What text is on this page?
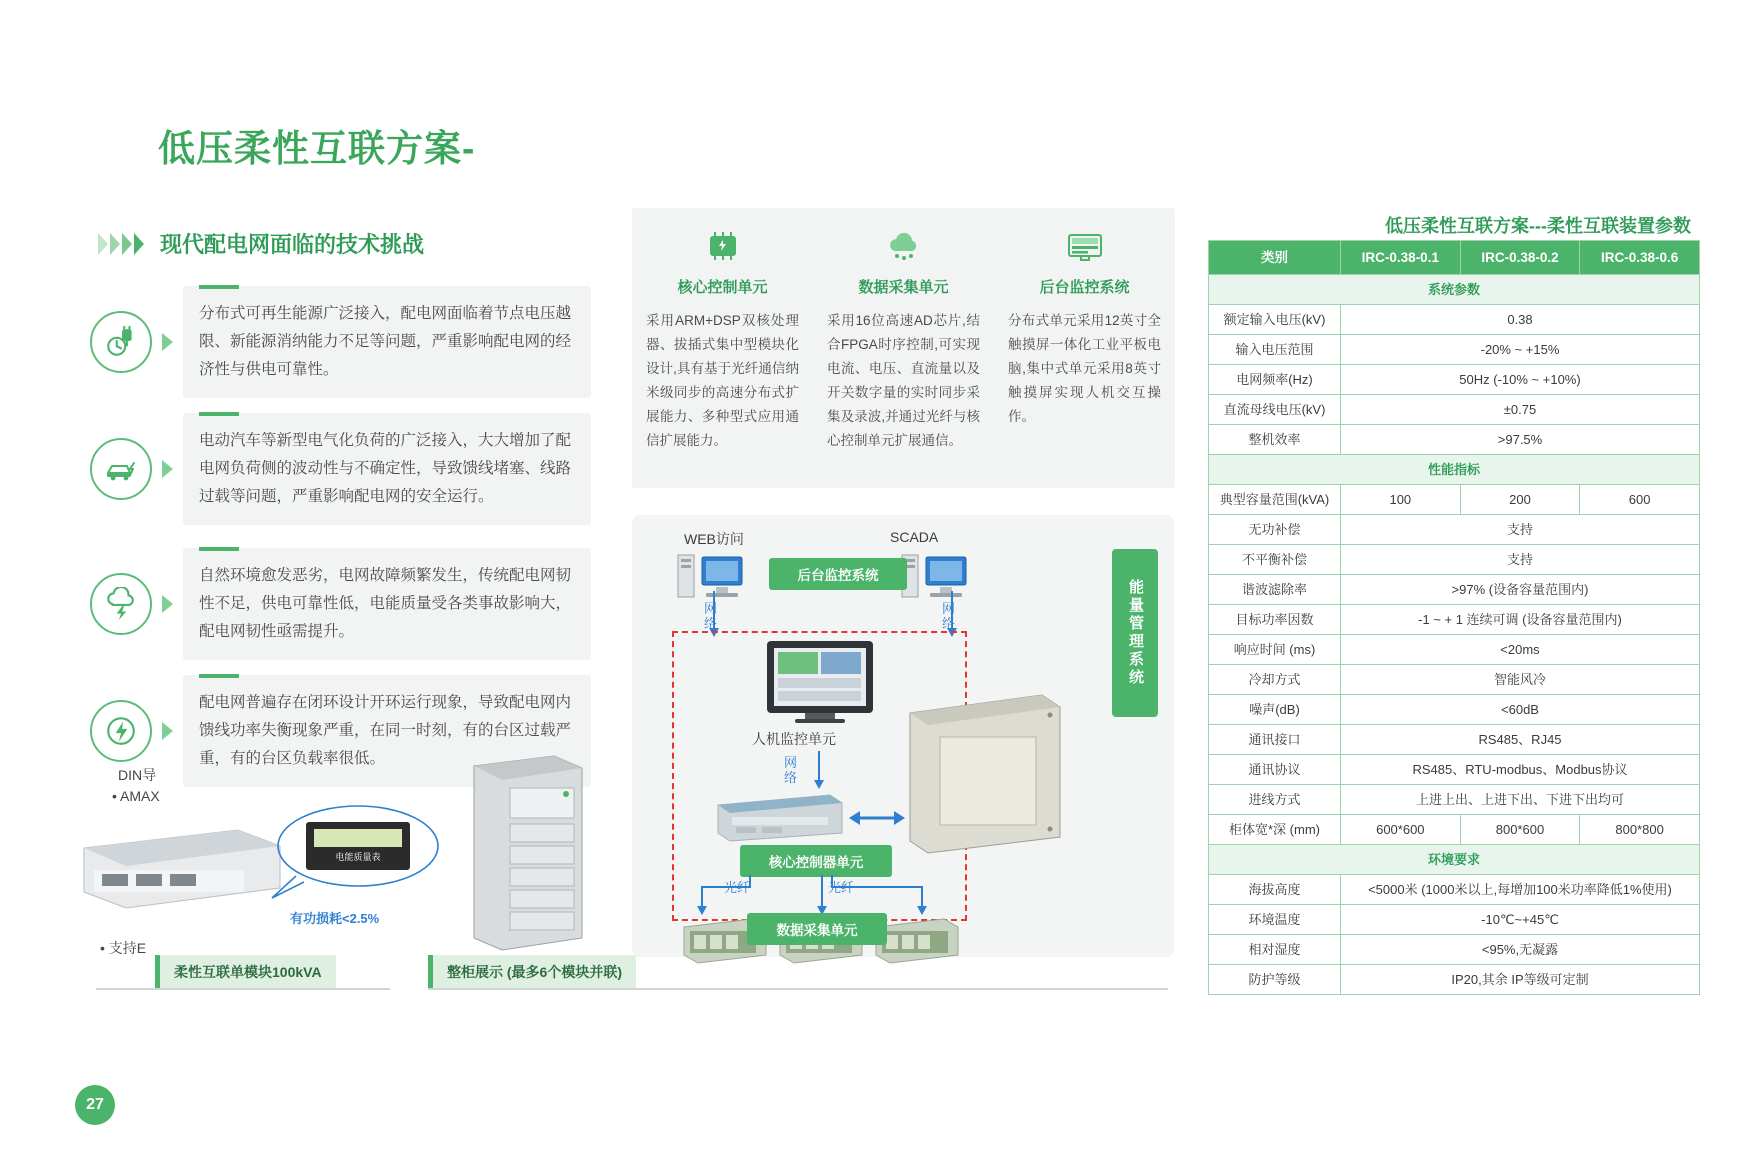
低压柔性互联方案-
现代配电网面临的技术挑战
分布式可再生能源广泛接入，配电网面临着节点电压越限、新能源消纳能力不足等问题，严重影响配电网的经济性与供电可靠性。
电动汽车等新型电气化负荷的广泛接入，大大增加了配电网负荷侧的波动性与不确定性，导致馈线堵塞、线路过载等问题，严重影响配电网的安全运行。
自然环境愈发恶劣，电网故障频繁发生，传统配电网韧性不足，供电可靠性低，电能质量受各类事故影响大，配电网韧性亟需提升。
配电网普遍存在闭环设计开环运行现象，导致配电网内馈线功率失衡现象严重，在同一时刻，有的台区过载严重，有的台区负载率很低。
核心控制单元
采用ARM+DSP双核处理器、拔插式集中型模块化设计,具有基于光纤通信纳米级同步的高速分布式扩展能力、多种型式应用通信扩展能力。
数据采集单元
采用16位高速AD芯片,结合FPGA时序控制,可实现电流、电压、直流量以及开关数字量的实时同步采集及录波,并通过光纤与核心控制单元扩展通信。
后台监控系统
分布式单元采用12英寸全触摸屏一体化工业平板电脑,集中式单元采用8英寸触摸屏实现人机交互操作。
WEB访问	SCADA
后台监控系统
网络
网络
人机监控单元
网络
核心控制器单元
光纤	光纤
数据采集单元
能量管理系统
DIN导
• AMAX
• 支持E
有功损耗<2.5%
电能质量表
柔性互联单模块100kVA	整柜展示 (最多6个模块并联)
低压柔性互联方案---柔性互联装置参数
类别	IRC-0.38-0.1	IRC-0.38-0.2	IRC-0.38-0.6
系统参数			
额定输入电压(kV)	0.38		
输入电压范围	-20% ~ +15%		
电网频率(Hz)	50Hz (-10% ~ +10%)		
直流母线电压(kV)	±0.75		
整机效率	>97.5%		
性能指标			
典型容量范围(kVA)	100	200	600
无功补偿	支持		
不平衡补偿	支持		
谐波滤除率	>97% (设备容量范围内)		
目标功率因数	-1 ~ + 1 连续可调 (设备容量范围内)		
响应时间 (ms)	<20ms		
冷却方式	智能风冷		
噪声(dB)	<60dB		
通讯接口	RS485、RJ45		
通讯协议	RS485、RTU-modbus、Modbus协议		
进线方式	上进上出、上进下出、下进下出均可		
柜体宽*深 (mm)	600*600	800*600	800*800
环境要求			
海拔高度	<5000米 (1000米以上,每增加100米功率降低1%使用)		
环境温度	-10℃~+45℃		
相对湿度	<95%,无凝露		
防护等级	IP20,其余 IP等级可定制		
27
